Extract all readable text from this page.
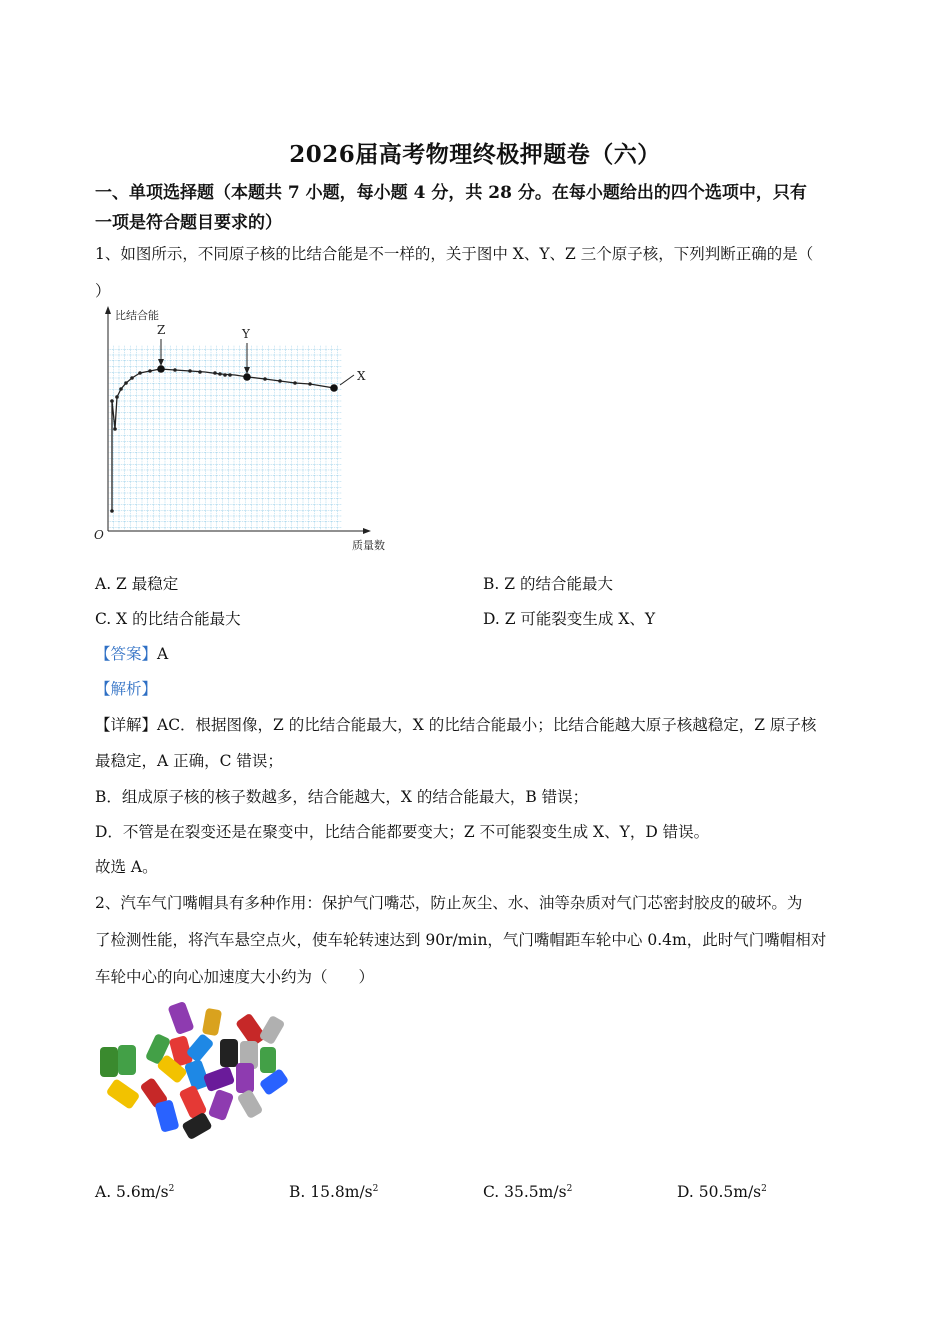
2026届高考物理终极押题卷（六）
一、单项选择题（本题共 7 小题，每小题 4 分，共 28 分。在每小题给出的四个选项中，只有
一项是符合题目要求的）
1、如图所示，不同原子核的比结合能是不一样的，关于图中 X、Y、Z 三个原子核，下列判断正确的是（
）
比结合能
质量数
O
Z	Y
X
A. Z 最稳定	B. Z 的结合能最大
C. X 的比结合能最大	D. Z 可能裂变生成 X、Y
【答案】A
【解析】
【详解】AC．根据图像，Z 的比结合能最大，X 的比结合能最小；比结合能越大原子核越稳定，Z 原子核
最稳定，A 正确，C 错误；
B．组成原子核的核子数越多，结合能越大，X 的结合能最大，B 错误；
D．不管是在裂变还是在聚变中，比结合能都要变大；Z 不可能裂变生成 X、Y，D 错误。
故选 A。
2、汽车气门嘴帽具有多种作用：保护气门嘴芯，防止灰尘、水、油等杂质对气门芯密封胶皮的破坏。为
了检测性能，将汽车悬空点火，使车轮转速达到 90r/min，气门嘴帽距车轮中心 0.4m，此时气门嘴帽相对
车轮中心的向心加速度大小约为（　　）
A. $5.6m/s^2$	B. $15.8m/s^2$	C. $35.5m/s^2$	D. $50.5m/s^2$
